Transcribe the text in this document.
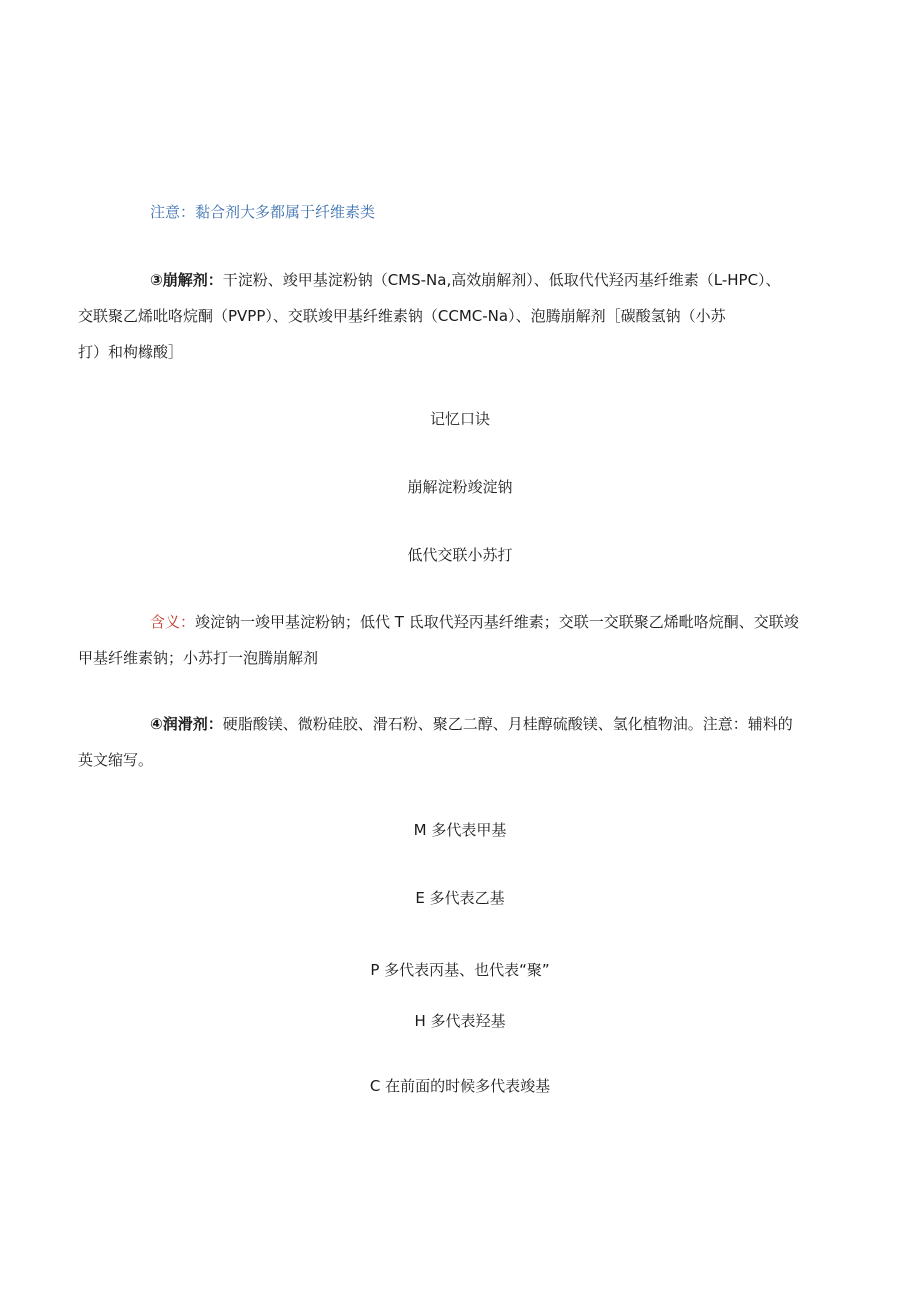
注意：黏合剂大多都属于纤维素类
③崩解剂：干淀粉、竣甲基淀粉钠（CMS-Na,高效崩解剂）、低取代代羟丙基纤维素（L-HPC）、
交联聚乙烯吡咯烷酮（PVPP）、交联竣甲基纤维素钠（CCMC-Na）、泡腾崩解剂［碳酸氢钠（小苏
打）和枸橼酸］
记忆口诀
崩解淀粉竣淀钠
低代交联小苏打
含义：竣淀钠一竣甲基淀粉钠；低代 T 氐取代羟丙基纤维素；交联一交联聚乙烯毗咯烷酮、交联竣
甲基纤维素钠；小苏打一泡腾崩解剂
④润滑剂：硬脂酸镁、微粉硅胶、滑石粉、聚乙二醇、月桂醇硫酸镁、氢化植物油。注意：辅料的
英文缩写。
M 多代表甲基
E 多代表乙基
P 多代表丙基、也代表“聚”
H 多代表羟基
C 在前面的时候多代表竣基
